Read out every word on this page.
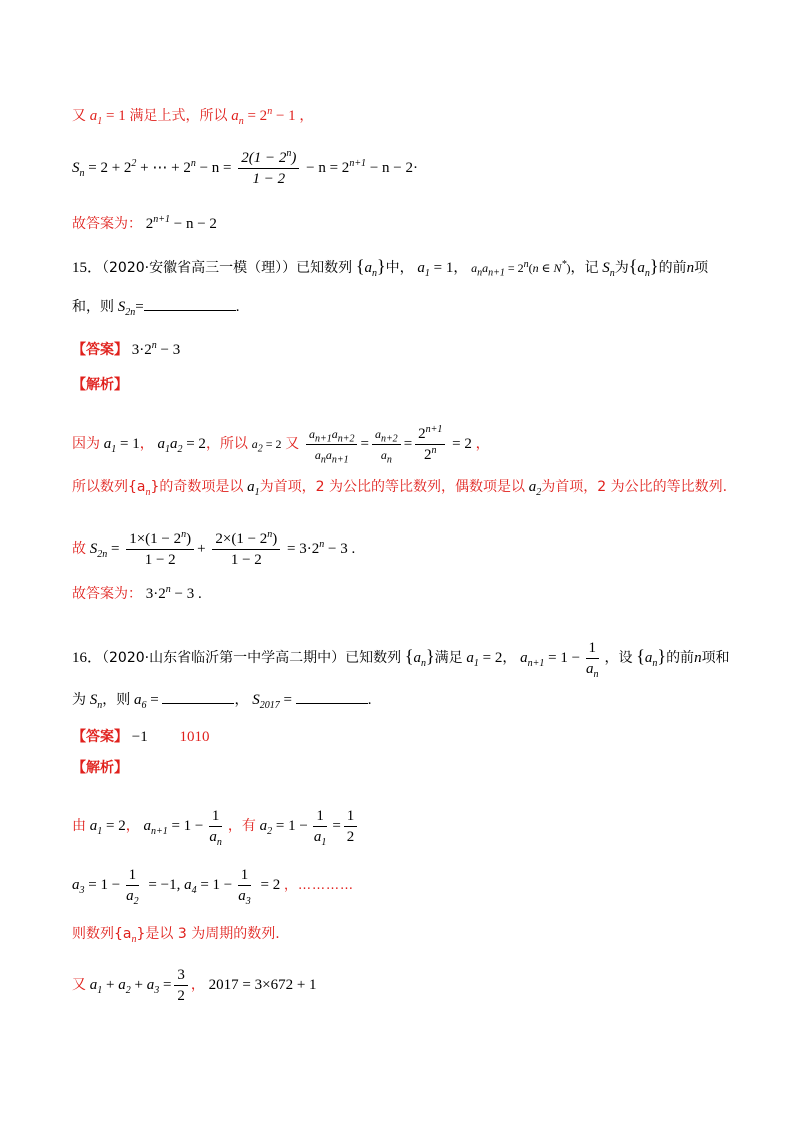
又 $a_1 = 1$ 满足上式，所以 $a_n = 2^n - 1$ ，
$S_n = 2 + 2^2$ + ⋯ + $2^n - n = \frac{2(1 - 2^n)}{1 - 2} - n = 2^{n+1} - n - 2\cdot$
故答案为： $2^{n+1} - n - 2$
15．（2020·安徽省高三一模（理））已知数列 $\{a_n\}$中， $a_1 = 1$， $a_na_{n+1} = 2^n(n$ ∈ N*)，记 $S_n$为$\{a_n\}$的前n项
和，则 $S_{2n}=$	.
【答案】 $3\cdot 2^n - 3$
【解析】
因为 $a_1 = 1$， $a_1a_2 = 2$，所以 $a_2 = 2$ 又 $\frac{a_{n+1}a_{n+2}}{a_na_{n+1}} = \frac{a_{n+2}}{a_n} = \frac{2^{n+1}}{2^n} = 2$ ，
所以数列$\{a_n\}$的奇数项是以 $a_1$为首项，2 为公比的等比数列，偶数项是以 $a_2$为首项，2 为公比的等比数列.
故 $S_{2n} = \frac{1\times(1 - 2^n)}{1 - 2} + \frac{2\times(1 - 2^n)}{1 - 2} = 3\cdot 2^n - 3$ .
故答案为： $3\cdot 2^n - 3$ .
16．（2020·山东省临沂第一中学高二期中）已知数列 $\{a_n\}$满足 $a_1 = 2$， $a_{n+1} = 1 - \frac{1}{a_n}$ ，设 $\{a_n\}$的前n项和
为 $S_n$，则 $a_6$ =	， $S_{2017}$ =	.
【答案】 −1 1010
【解析】
由 $a_1 = 2$， $a_{n+1} = 1 - \frac{1}{a_n}$ ，有 $a_2 = 1 - \frac{1}{a_1} = \frac{1}{2}$
$a_3 = 1 - \frac{1}{a_2} = -1$, $a_4 = 1 - \frac{1}{a_3} = 2$ ，…………
则数列$\{a_n\}$是以 3 为周期的数列.
又 $a_1 + a_2 + a_3 = \frac{3}{2}$ ， 2017 = 3×672 + 1
